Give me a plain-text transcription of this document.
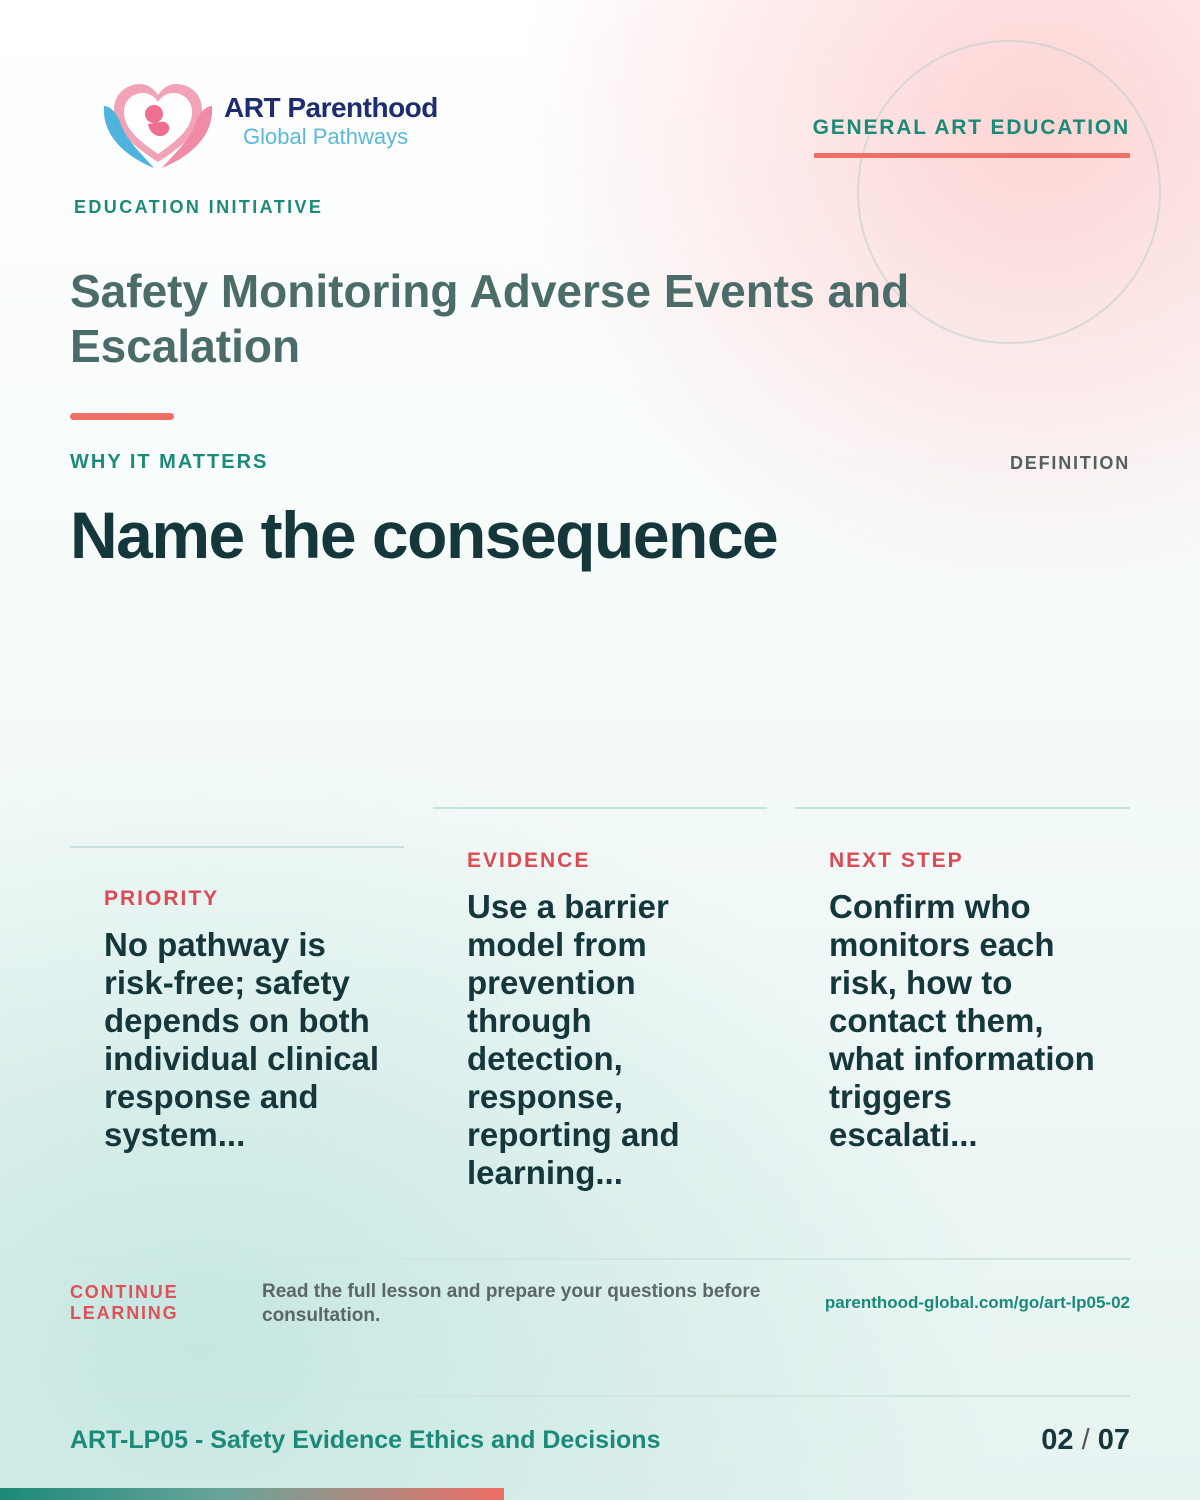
ART Parenthood
Global Pathways
EDUCATION INITIATIVE
GENERAL ART EDUCATION
Safety Monitoring Adverse Events and Escalation
WHY IT MATTERS	DEFINITION
Name the consequence
PRIORITY
No pathway is risk-free; safety depends on both individual clinical response and system...
EVIDENCE
Use a barrier model from prevention through detection, response, reporting and learning...
NEXT STEP
Confirm who monitors each risk, how to contact them, what information triggers escalati...
CONTINUE LEARNING
Read the full lesson and prepare your questions before consultation.
parenthood-global.com/go/art-lp05-02
ART-LP05 - Safety Evidence Ethics and Decisions	02 / 07
